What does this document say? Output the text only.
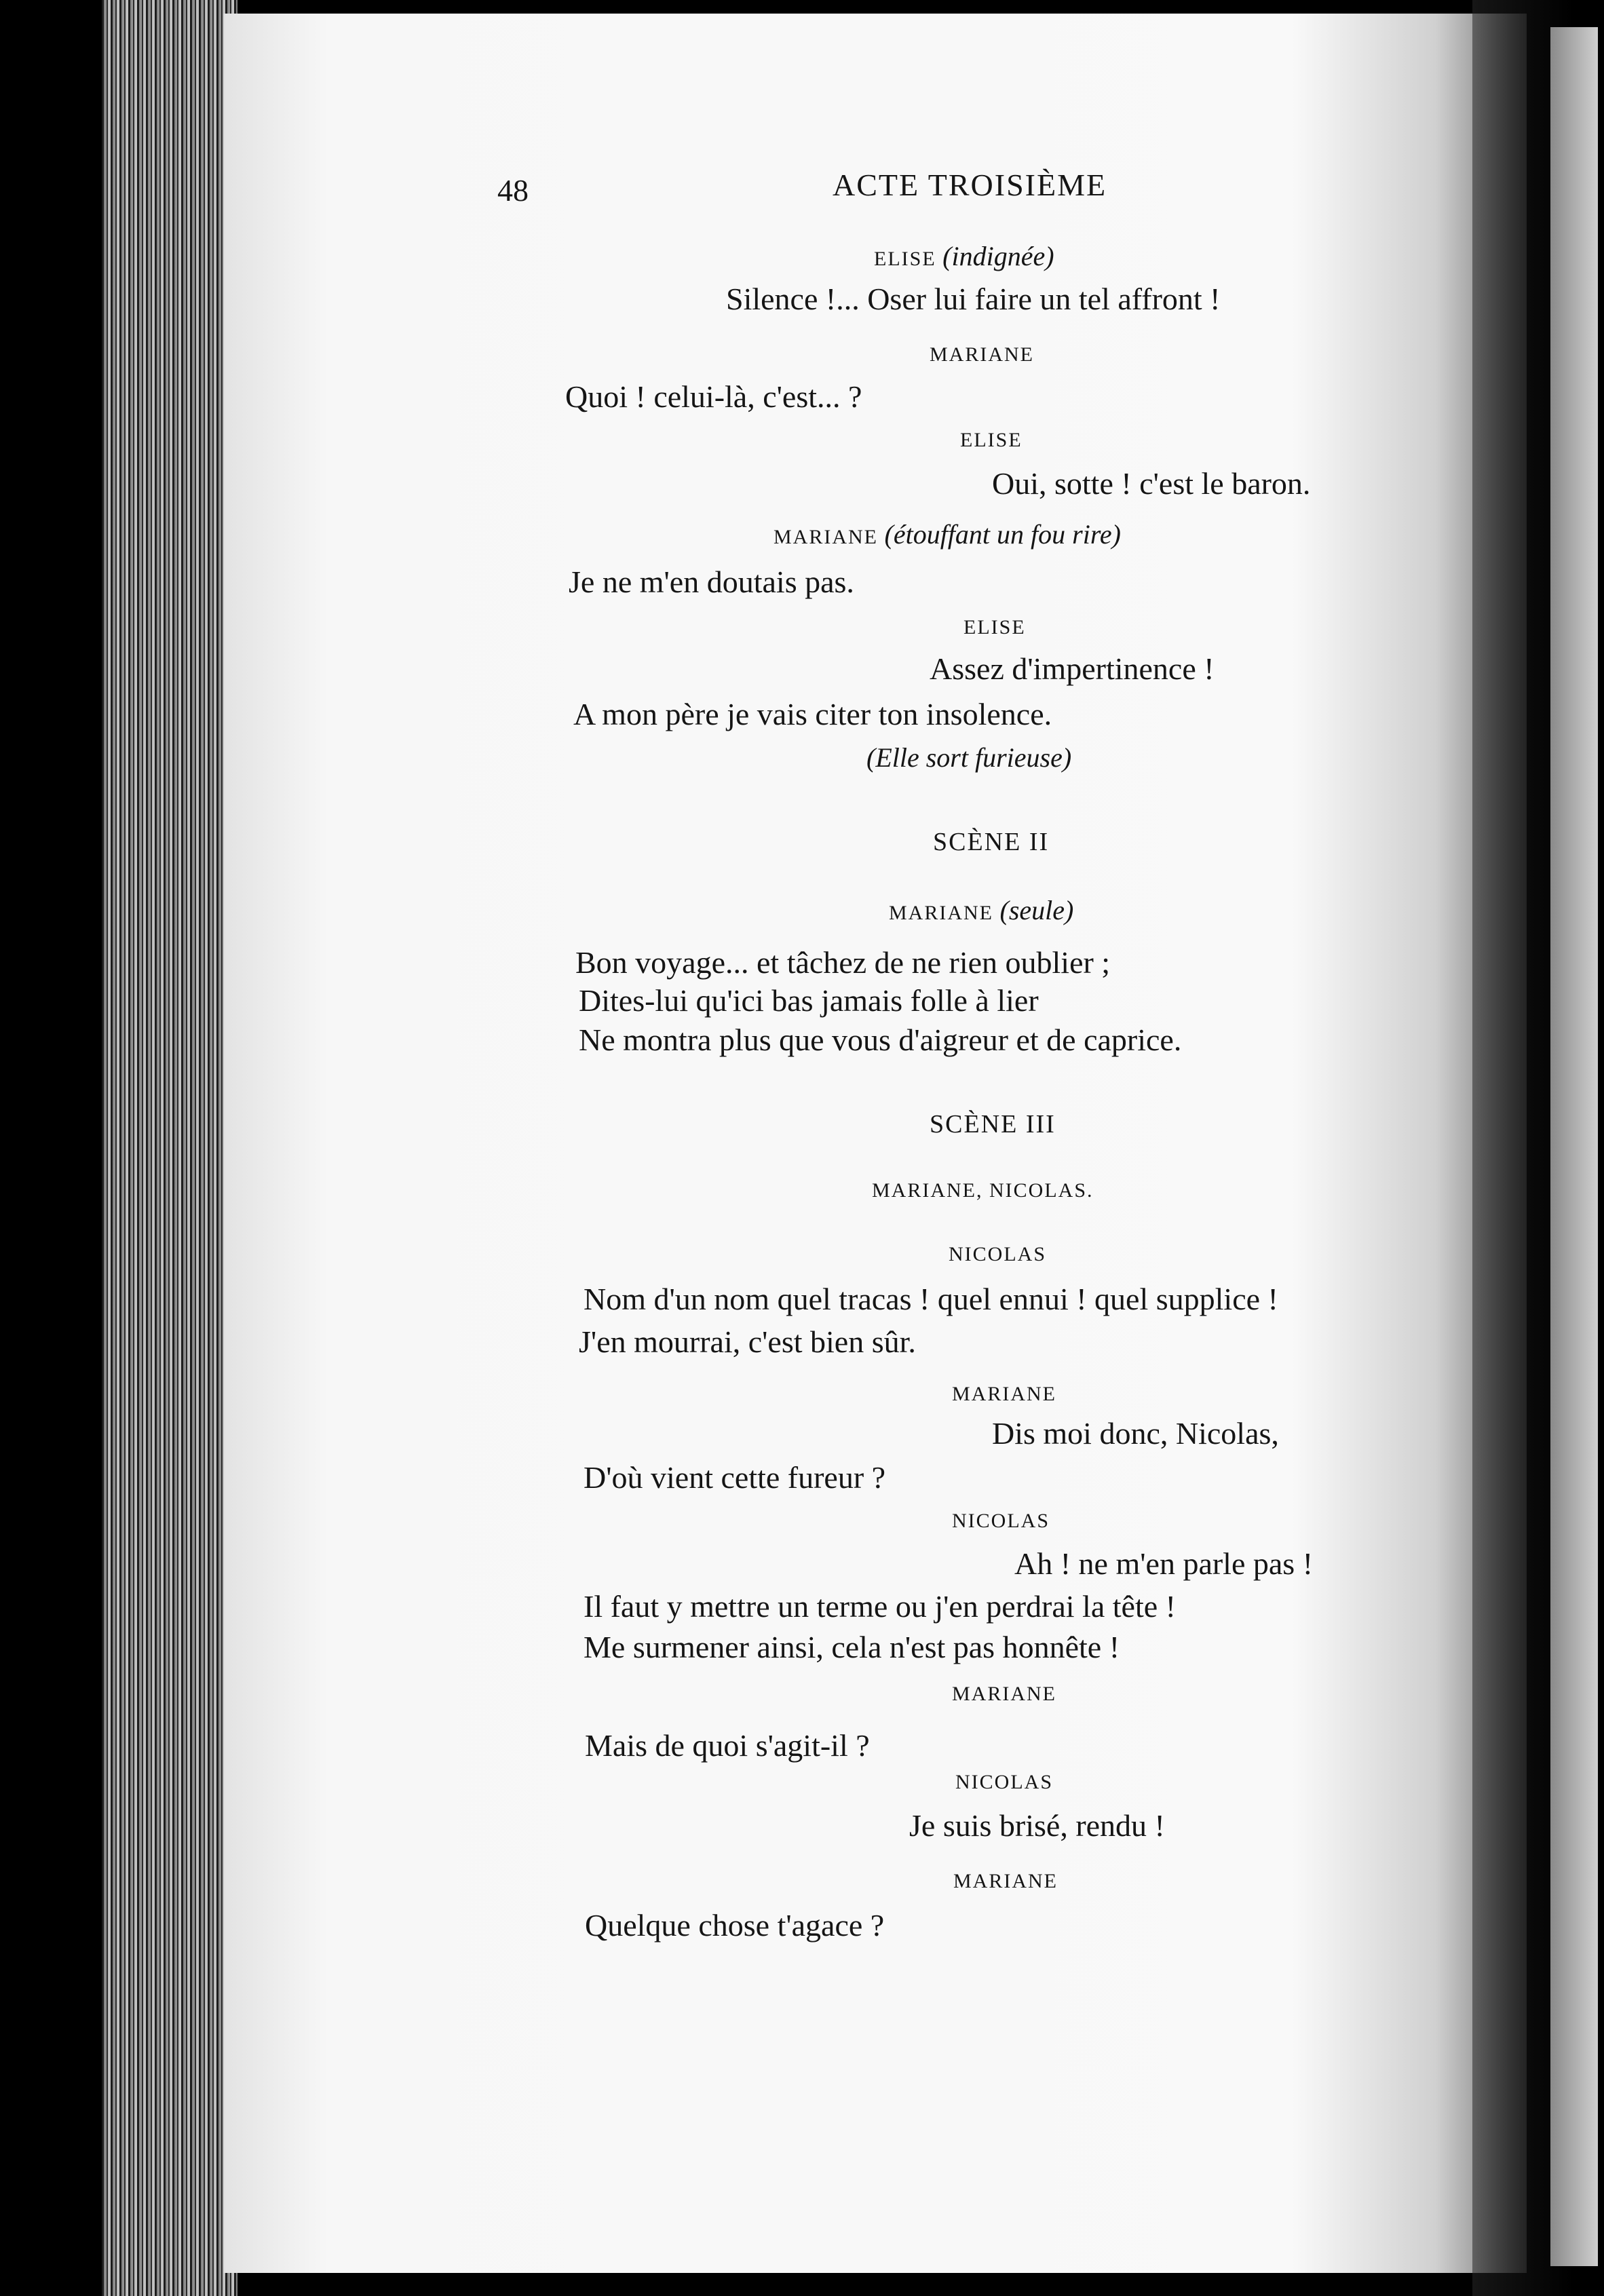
48	ACTE TROISIÈME
ELISE (indignée)
Silence !... Oser lui faire un tel affront !
MARIANE
Quoi ! celui-là, c'est... ?
ELISE
Oui, sotte ! c'est le baron.
MARIANE (étouffant un fou rire)
Je ne m'en doutais pas.
ELISE
Assez d'impertinence !
A mon père je vais citer ton insolence.
(Elle sort furieuse)
SCÈNE II
MARIANE (seule)
Bon voyage... et tâchez de ne rien oublier ;
Dites-lui qu'ici bas jamais folle à lier
Ne montra plus que vous d'aigreur et de caprice.
SCÈNE III
MARIANE, NICOLAS.
NICOLAS
Nom d'un nom quel tracas ! quel ennui ! quel supplice !
J'en mourrai, c'est bien sûr.
MARIANE
Dis moi donc, Nicolas,
D'où vient cette fureur ?
NICOLAS
Ah ! ne m'en parle pas !
Il faut y mettre un terme ou j'en perdrai la tête !
Me surmener ainsi, cela n'est pas honnête !
MARIANE
Mais de quoi s'agit-il ?
NICOLAS
Je suis brisé, rendu !
MARIANE
Quelque chose t'agace ?
